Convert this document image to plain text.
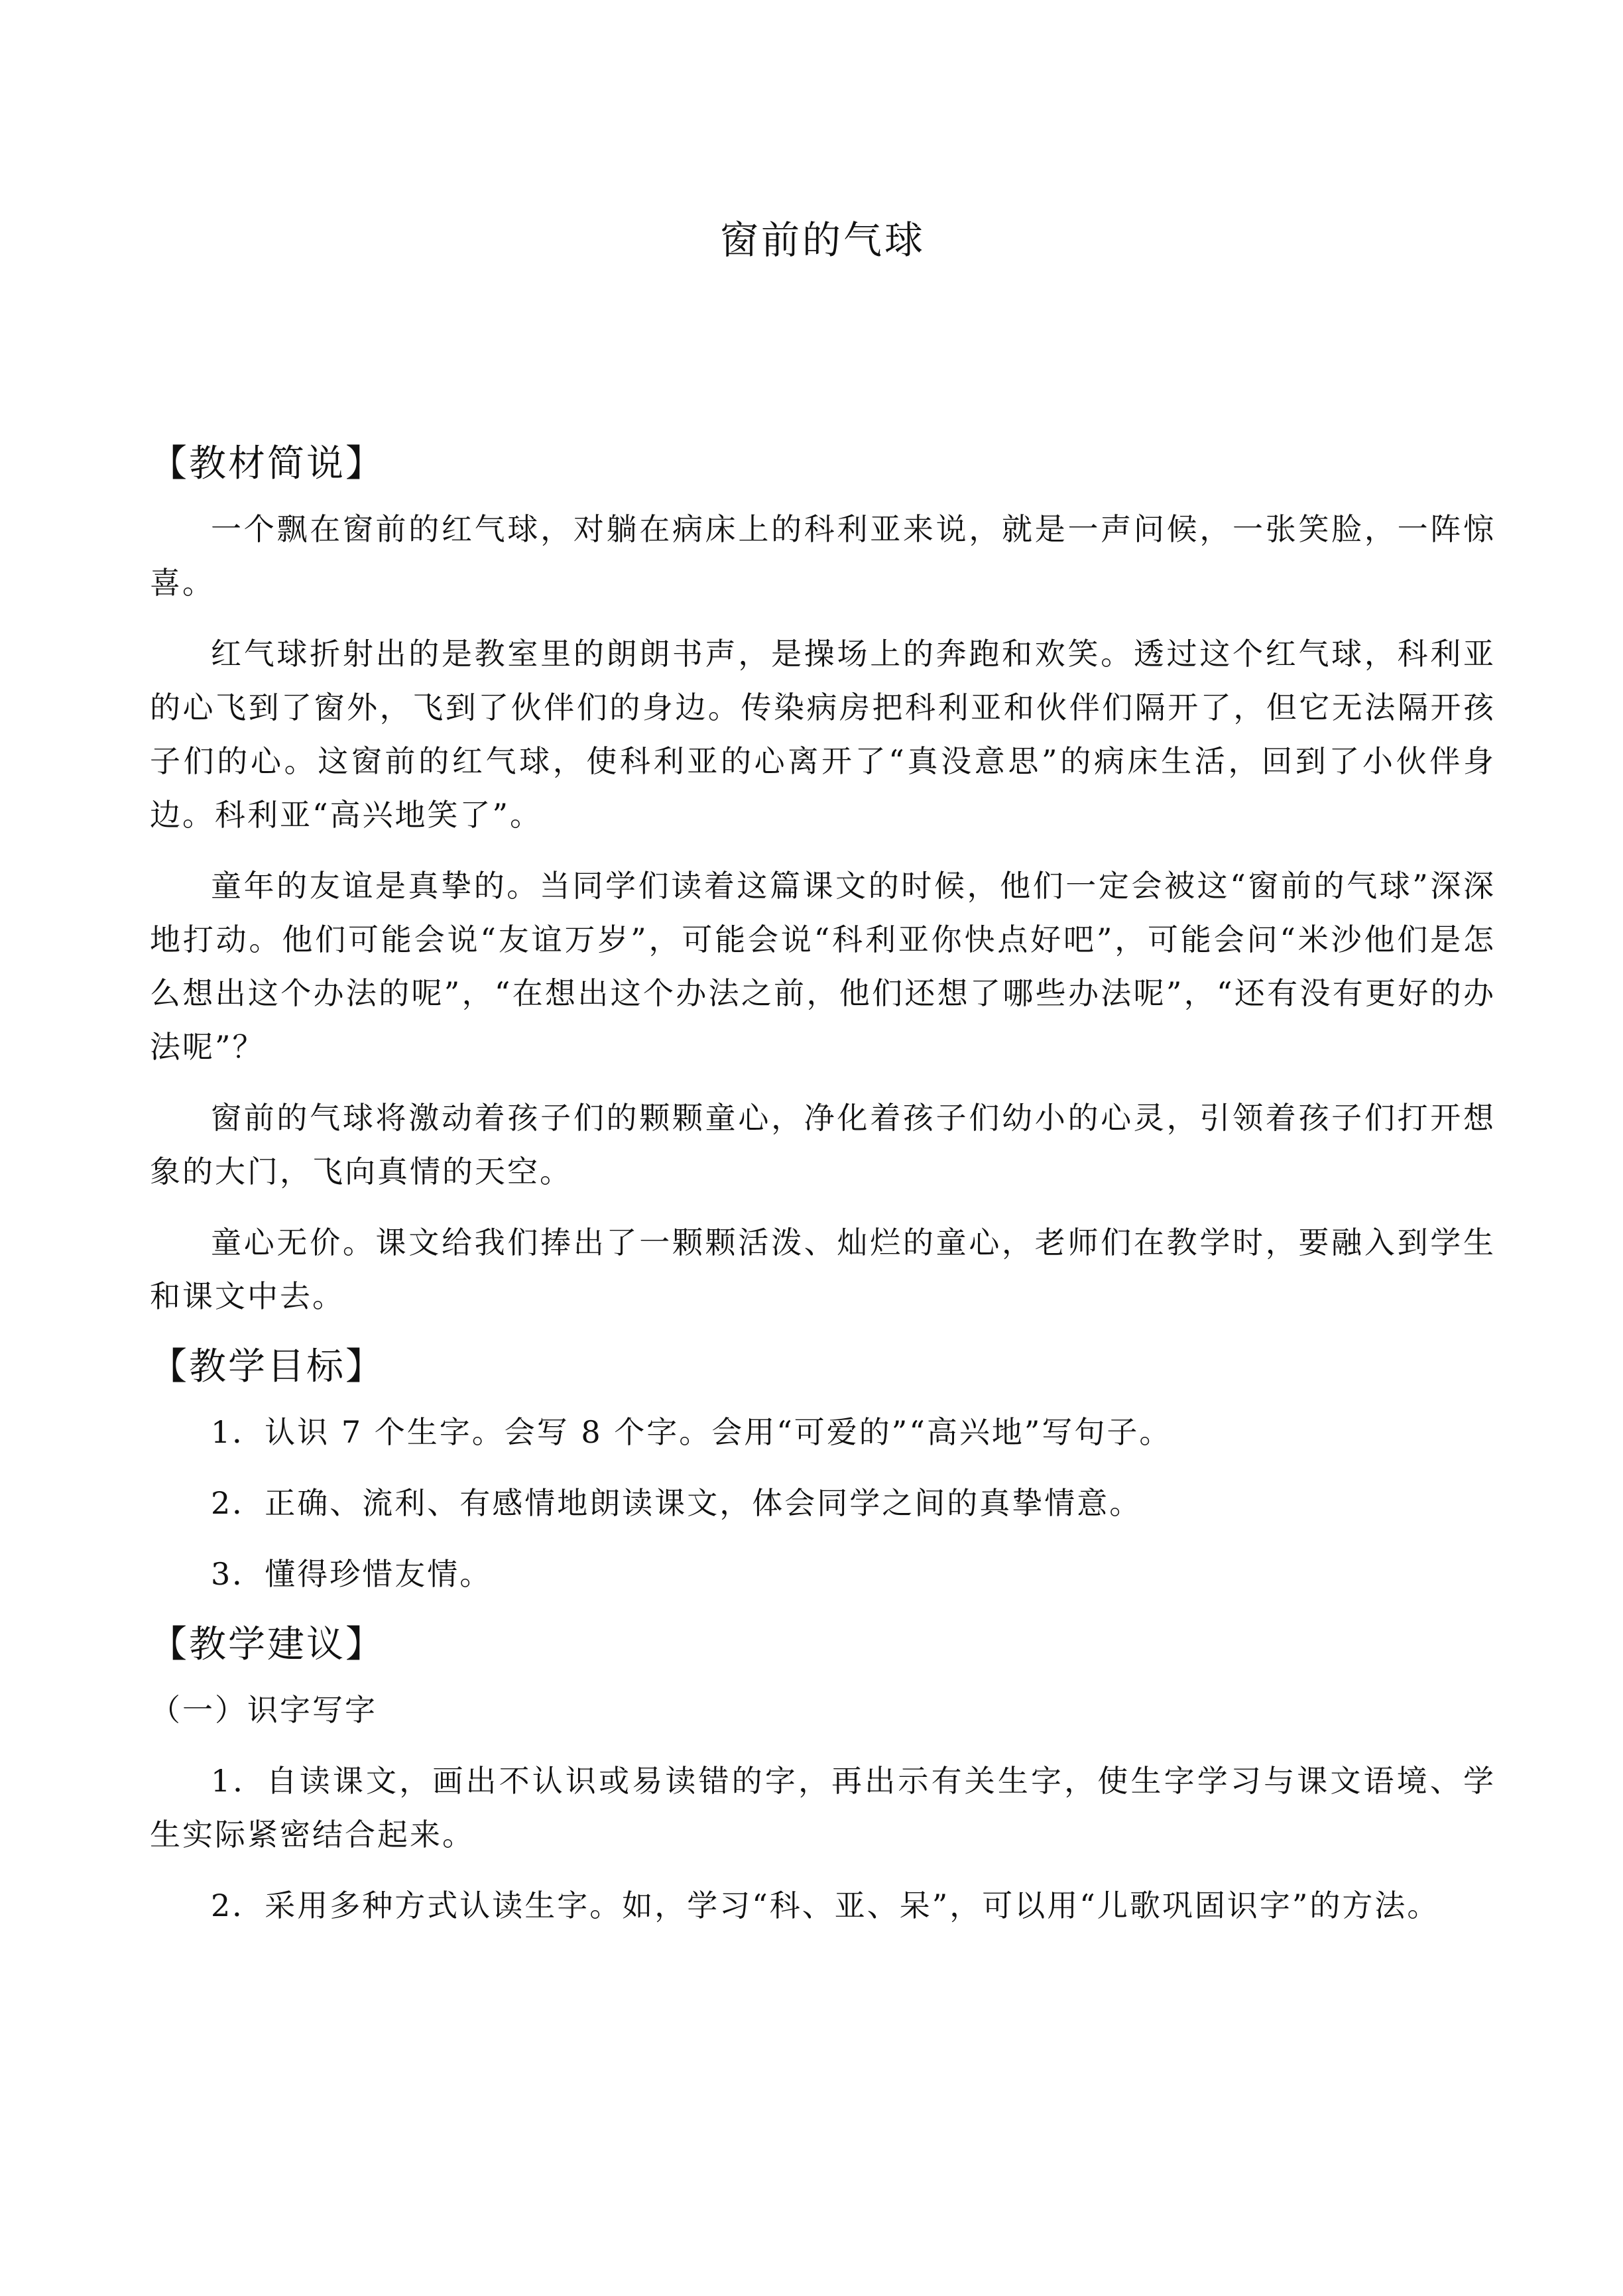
窗前的气球
【教材简说】

一个飘在窗前的红气球，对躺在病床上的科利亚来说，就是一声问候，一张笑脸，一阵惊喜。

红气球折射出的是教室里的朗朗书声，是操场上的奔跑和欢笑。透过这个红气球，科利亚的心飞到了窗外，飞到了伙伴们的身边。传染病房把科利亚和伙伴们隔开了，但它无法隔开孩子们的心。这窗前的红气球，使科利亚的心离开了“真没意思”的病床生活，回到了小伙伴身边。科利亚“高兴地笑了”。

童年的友谊是真挚的。当同学们读着这篇课文的时候，他们一定会被这“窗前的气球”深深地打动。他们可能会说“友谊万岁”，可能会说“科利亚你快点好吧”，可能会问“米沙他们是怎么想出这个办法的呢”，“在想出这个办法之前，他们还想了哪些办法呢”，“还有没有更好的办法呢”？

窗前的气球将激动着孩子们的颗颗童心，净化着孩子们幼小的心灵，引领着孩子们打开想象的大门，飞向真情的天空。

童心无价。课文给我们捧出了一颗颗活泼、灿烂的童心，老师们在教学时，要融入到学生和课文中去。

【教学目标】

1．认识 7 个生字。会写 8 个字。会用“可爱的”“高兴地”写句子。

2．正确、流利、有感情地朗读课文，体会同学之间的真挚情意。

3．懂得珍惜友情。

【教学建议】

（一）识字写字

1．自读课文，画出不认识或易读错的字，再出示有关生字，使生字学习与课文语境、学生实际紧密结合起来。

2．采用多种方式认读生字。如，学习“科、亚、呆”，可以用“儿歌巩固识字”的方法。
